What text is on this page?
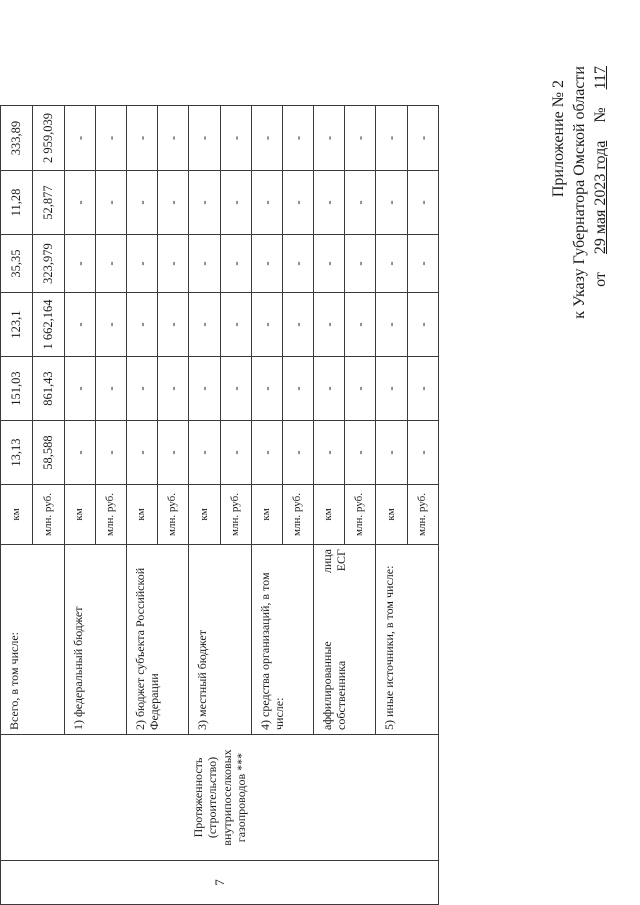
Приложение № 2 к Указу Губернатора Омской области от 29 мая 2023 года № 117
7	Протяженность (строительство) внутрипоселковых газопроводов ***	Всего, в том числе:	км	13,13	151,03	123,1	35,35	11,28	333,89
			млн. руб.	58,588	861,43	1 662,164	323,979	52,877	2 959,039
		1) федеральный бюджет	км	-	-	-	-	-	-
			млн. руб.	-	-	-	-	-	-
		2) бюджет субъекта Российской Федерации	км	-	-	-	-	-	-
			млн. руб.	-	-	-	-	-	-
		3) местный бюджет	км	-	-	-	-	-	-
			млн. руб.	-	-	-	-	-	-
		4) средства организаций, в том числе:	км	-	-	-	-	-	-
			млн. руб.	-	-	-	-	-	-
		аффилированные лица собственника ЕСГ	км	-	-	-	-	-	-
			млн. руб.	-	-	-	-	-	-
		5) иные источники, в том числе:	км	-	-	-	-	-	-
			млн. руб.	-	-	-	-	-	-
